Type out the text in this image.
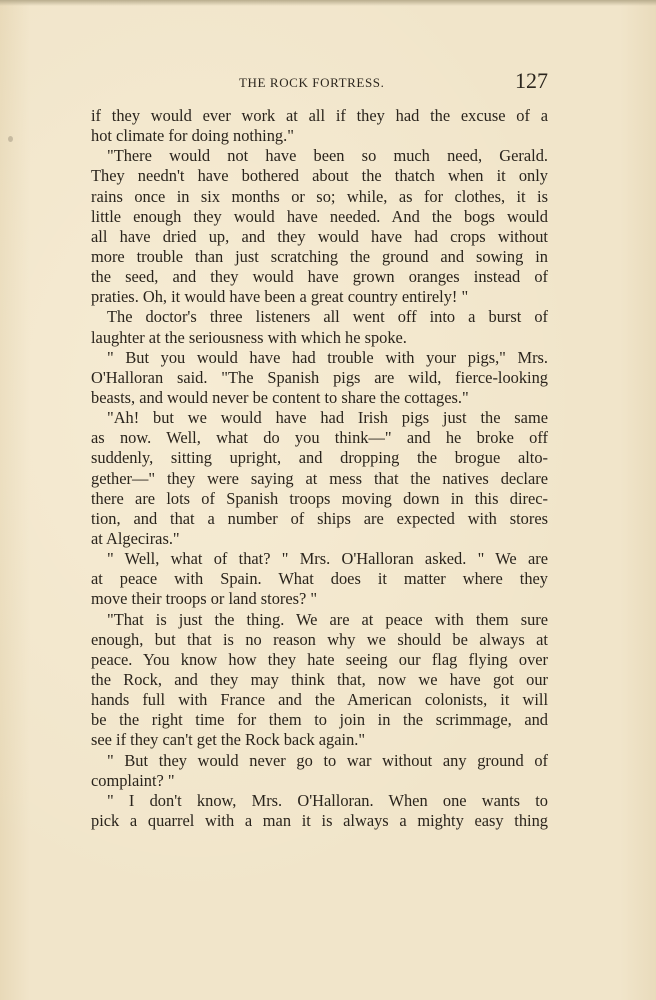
THE ROCK FORTRESS.	127
if they would ever work at all if they had the excuse of a
hot climate for doing nothing."
"There would not have been so much need, Gerald.
They needn't have bothered about the thatch when it only
rains once in six months or so; while, as for clothes, it is
little enough they would have needed. And the bogs would
all have dried up, and they would have had crops without
more trouble than just scratching the ground and sowing in
the seed, and they would have grown oranges instead of
praties. Oh, it would have been a great country entirely! "
The doctor's three listeners all went off into a burst of
laughter at the seriousness with which he spoke.
" But you would have had trouble with your pigs," Mrs.
O'Halloran said. "The Spanish pigs are wild, fierce-looking
beasts, and would never be content to share the cottages."
"Ah! but we would have had Irish pigs just the same
as now. Well, what do you think—" and he broke off
suddenly, sitting upright, and dropping the brogue alto-
gether—" they were saying at mess that the natives declare
there are lots of Spanish troops moving down in this direc-
tion, and that a number of ships are expected with stores
at Algeciras."
" Well, what of that? " Mrs. O'Halloran asked. " We are
at peace with Spain. What does it matter where they
move their troops or land stores? "
"That is just the thing. We are at peace with them sure
enough, but that is no reason why we should be always at
peace. You know how they hate seeing our flag flying over
the Rock, and they may think that, now we have got our
hands full with France and the American colonists, it will
be the right time for them to join in the scrimmage, and
see if they can't get the Rock back again."
" But they would never go to war without any ground of
complaint? "
" I don't know, Mrs. O'Halloran. When one wants to
pick a quarrel with a man it is always a mighty easy thing
